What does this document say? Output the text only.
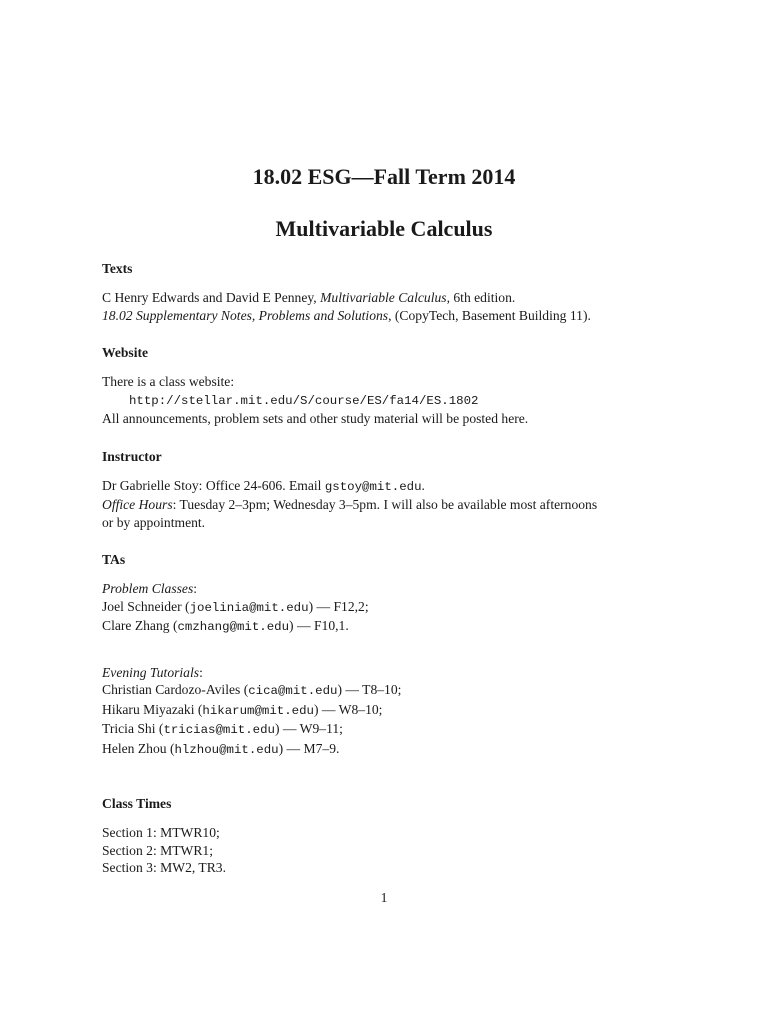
18.02 ESG—Fall Term 2014
Multivariable Calculus
Texts

C Henry Edwards and David E Penney, Multivariable Calculus, 6th edition.

18.02 Supplementary Notes, Problems and Solutions, (CopyTech, Basement Building 11).

Website

There is a class website:

http://stellar.mit.edu/S/course/ES/fa14/ES.1802

All announcements, problem sets and other study material will be posted here.

Instructor

Dr Gabrielle Stoy: Office 24-606. Email gstoy@mit.edu.

Office Hours: Tuesday 2–3pm; Wednesday 3–5pm. I will also be available most afternoons

or by appointment.

TAs

Problem Classes:

Joel Schneider (joelinia@mit.edu) — F12,2;

Clare Zhang (cmzhang@mit.edu) — F10,1.

Evening Tutorials:

Christian Cardozo-Aviles (cica@mit.edu) — T8–10;

Hikaru Miyazaki (hikarum@mit.edu) — W8–10;

Tricia Shi (tricias@mit.edu) — W9–11;

Helen Zhou (hlzhou@mit.edu) — M7–9.

Class Times

Section 1: MTWR10;

Section 2: MTWR1;

Section 3: MW2, TR3.

1
